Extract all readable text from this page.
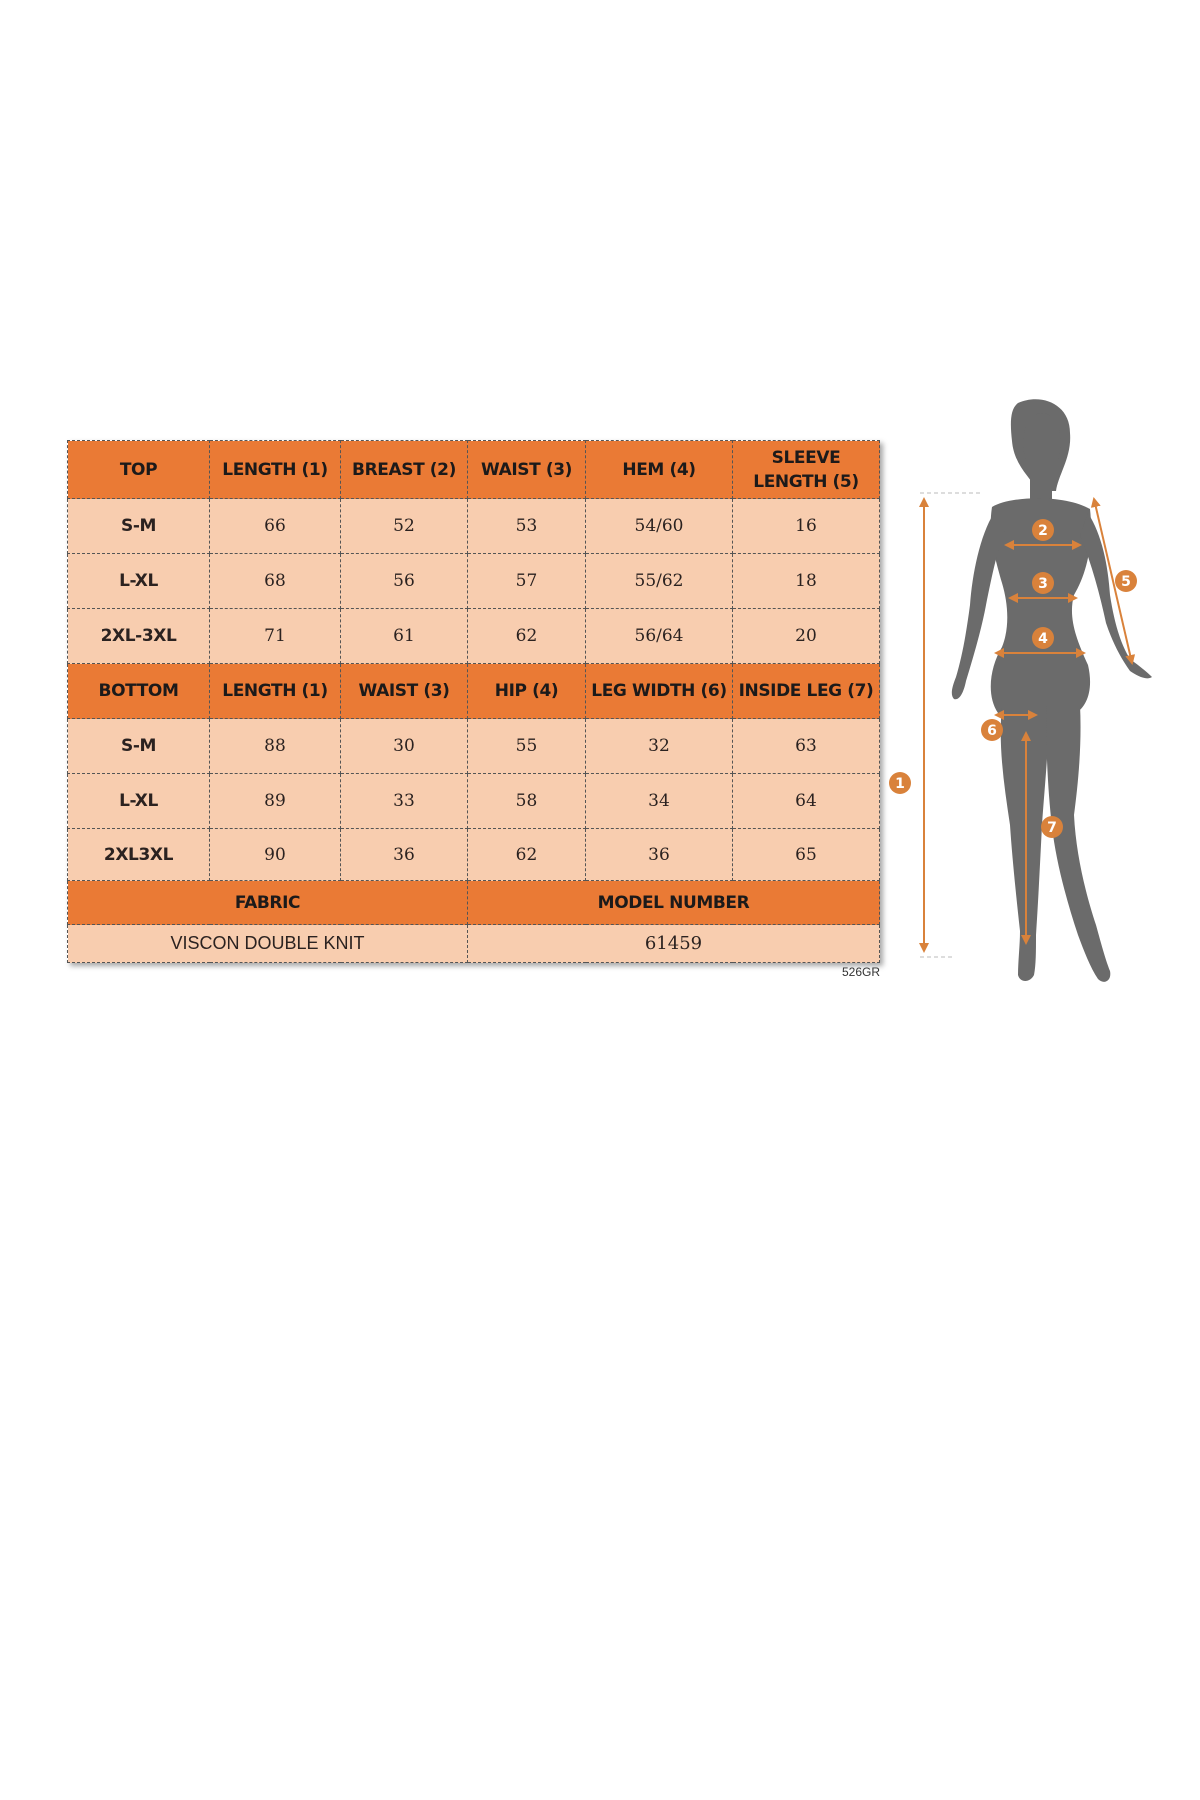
TOP	LENGTH (1)	BREAST (2)	WAIST (3)	HEM (4)	SLEEVE LENGTH (5)
S-M	66	52	53	54/60	16
L-XL	68	56	57	55/62	18
2XL-3XL	71	61	62	56/64	20
BOTTOM	LENGTH (1)	WAIST (3)	HIP (4)	LEG WIDTH (6)	INSIDE LEG (7)
S-M	88	30	55	32	63
L-XL	89	33	58	34	64
2XL3XL	90	36	62	36	65
FABRIC			MODEL NUMBER		
VISCON DOUBLE KNIT			61459		
526GR
1
2
3
4
5
6
7
